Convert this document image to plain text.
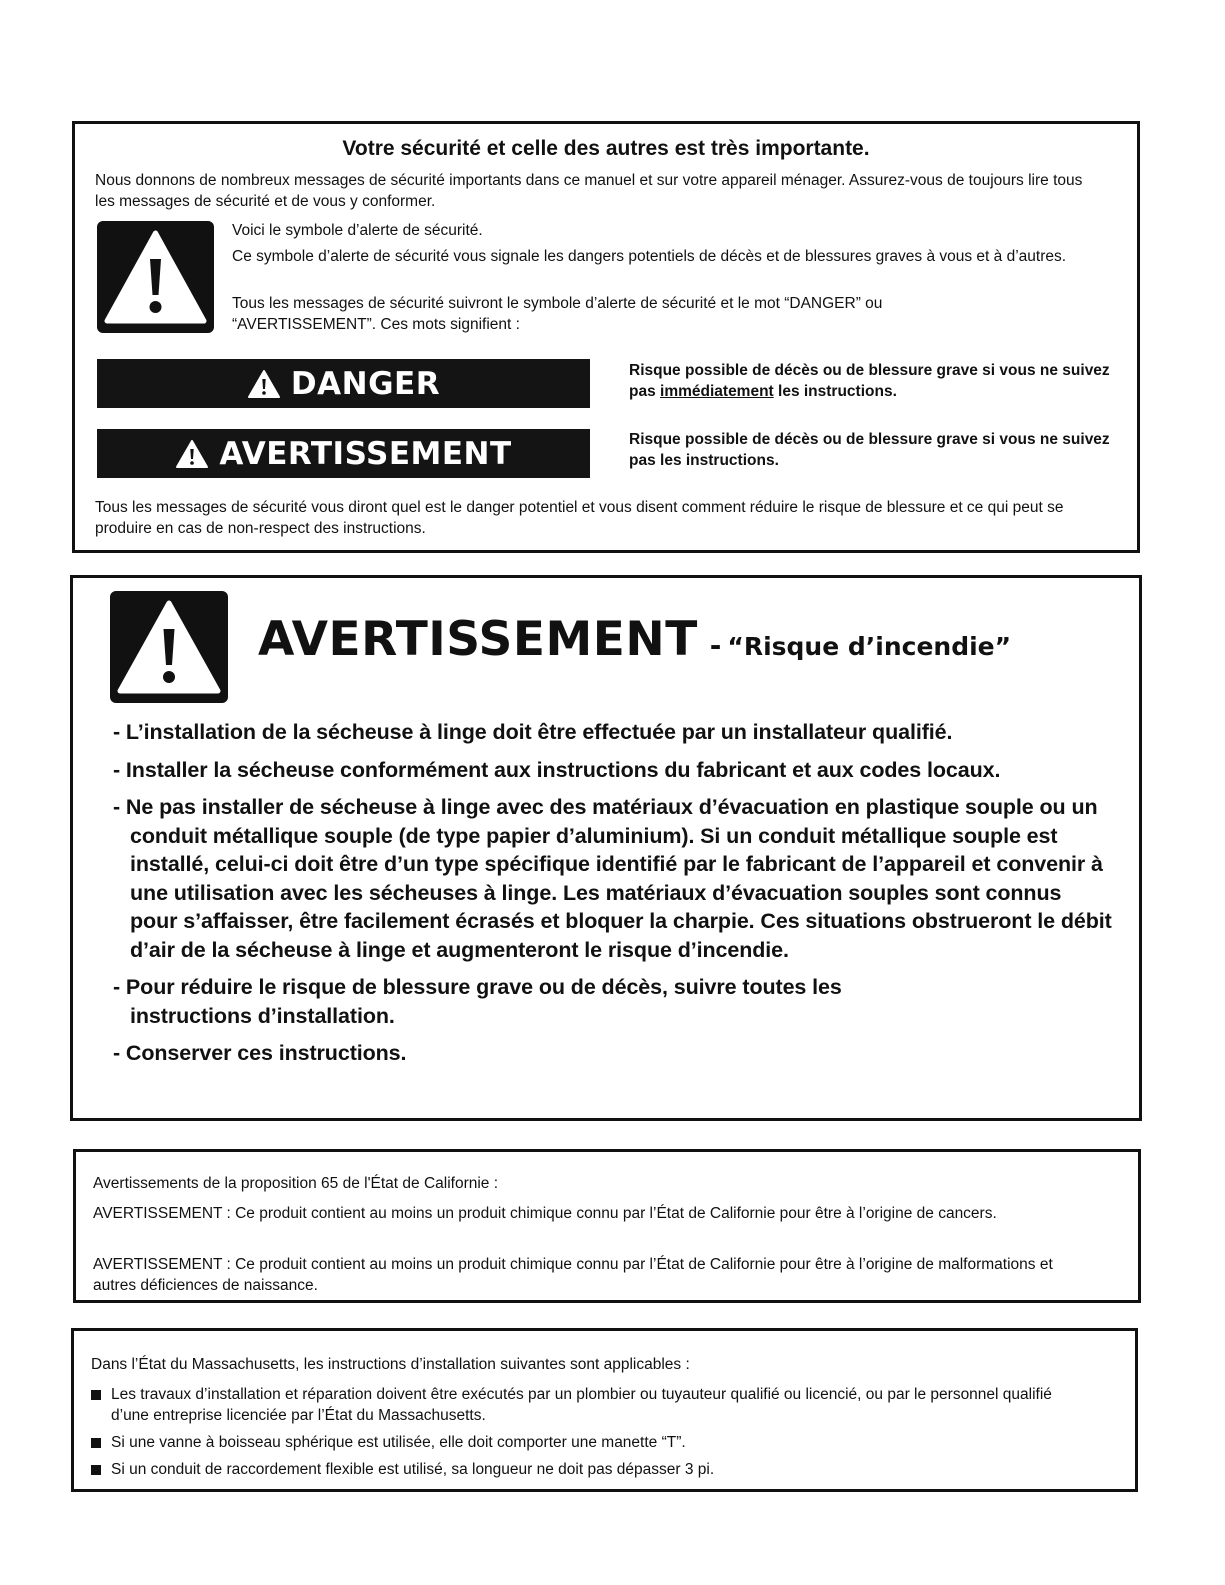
Votre sécurité et celle des autres est très importante.
Nous donnons de nombreux messages de sécurité importants dans ce manuel et sur votre appareil ménager. Assurez-vous de toujours lire tous les messages de sécurité et de vous y conformer.
Voici le symbole d’alerte de sécurité.
Ce symbole d’alerte de sécurité vous signale les dangers potentiels de décès et de blessures graves à vous et à d’autres.
Tous les messages de sécurité suivront le symbole d’alerte de sécurité et le mot “DANGER” ou “AVERTISSEMENT”. Ces mots signifient :
DANGER	Risque possible de décès ou de blessure grave si vous ne suivez pas immédiatement les instructions.
AVERTISSEMENT	Risque possible de décès ou de blessure grave si vous ne suivez pas les instructions.
Tous les messages de sécurité vous diront quel est le danger potentiel et vous disent comment réduire le risque de blessure et ce qui peut se produire en cas de non-respect des instructions.
AVERTISSEMENT - “Risque d’incendie”
- L’installation de la sécheuse à linge doit être effectuée par un installateur qualifié.
- Installer la sécheuse conformément aux instructions du fabricant et aux codes locaux.
- Ne pas installer de sécheuse à linge avec des matériaux d’évacuation en plastique souple ou un conduit métallique souple (de type papier d’aluminium). Si un conduit métallique souple est installé, celui-ci doit être d’un type spécifique identifié par le fabricant de l’appareil et convenir à une utilisation avec les sécheuses à linge. Les matériaux d’évacuation souples sont connus pour s’affaisser, être facilement écrasés et bloquer la charpie. Ces situations obstrueront le débit d’air de la sécheuse à linge et augmenteront le risque d’incendie.
- Pour réduire le risque de blessure grave ou de décès, suivre toutes les instructions d’installation.
- Conserver ces instructions.
Avertissements de la proposition 65 de l'État de Californie :
AVERTISSEMENT : Ce produit contient au moins un produit chimique connu par l’État de Californie pour être à l’origine de cancers.
AVERTISSEMENT : Ce produit contient au moins un produit chimique connu par l’État de Californie pour être à l’origine de malformations et autres déficiences de naissance.
Dans l’État du Massachusetts, les instructions d’installation suivantes sont applicables :
Les travaux d’installation et réparation doivent être exécutés par un plombier ou tuyauteur qualifié ou licencié, ou par le personnel qualifié d’une entreprise licenciée par l’État du Massachusetts.
Si une vanne à boisseau sphérique est utilisée, elle doit comporter une manette “T”.
Si un conduit de raccordement flexible est utilisé, sa longueur ne doit pas dépasser 3 pi.
